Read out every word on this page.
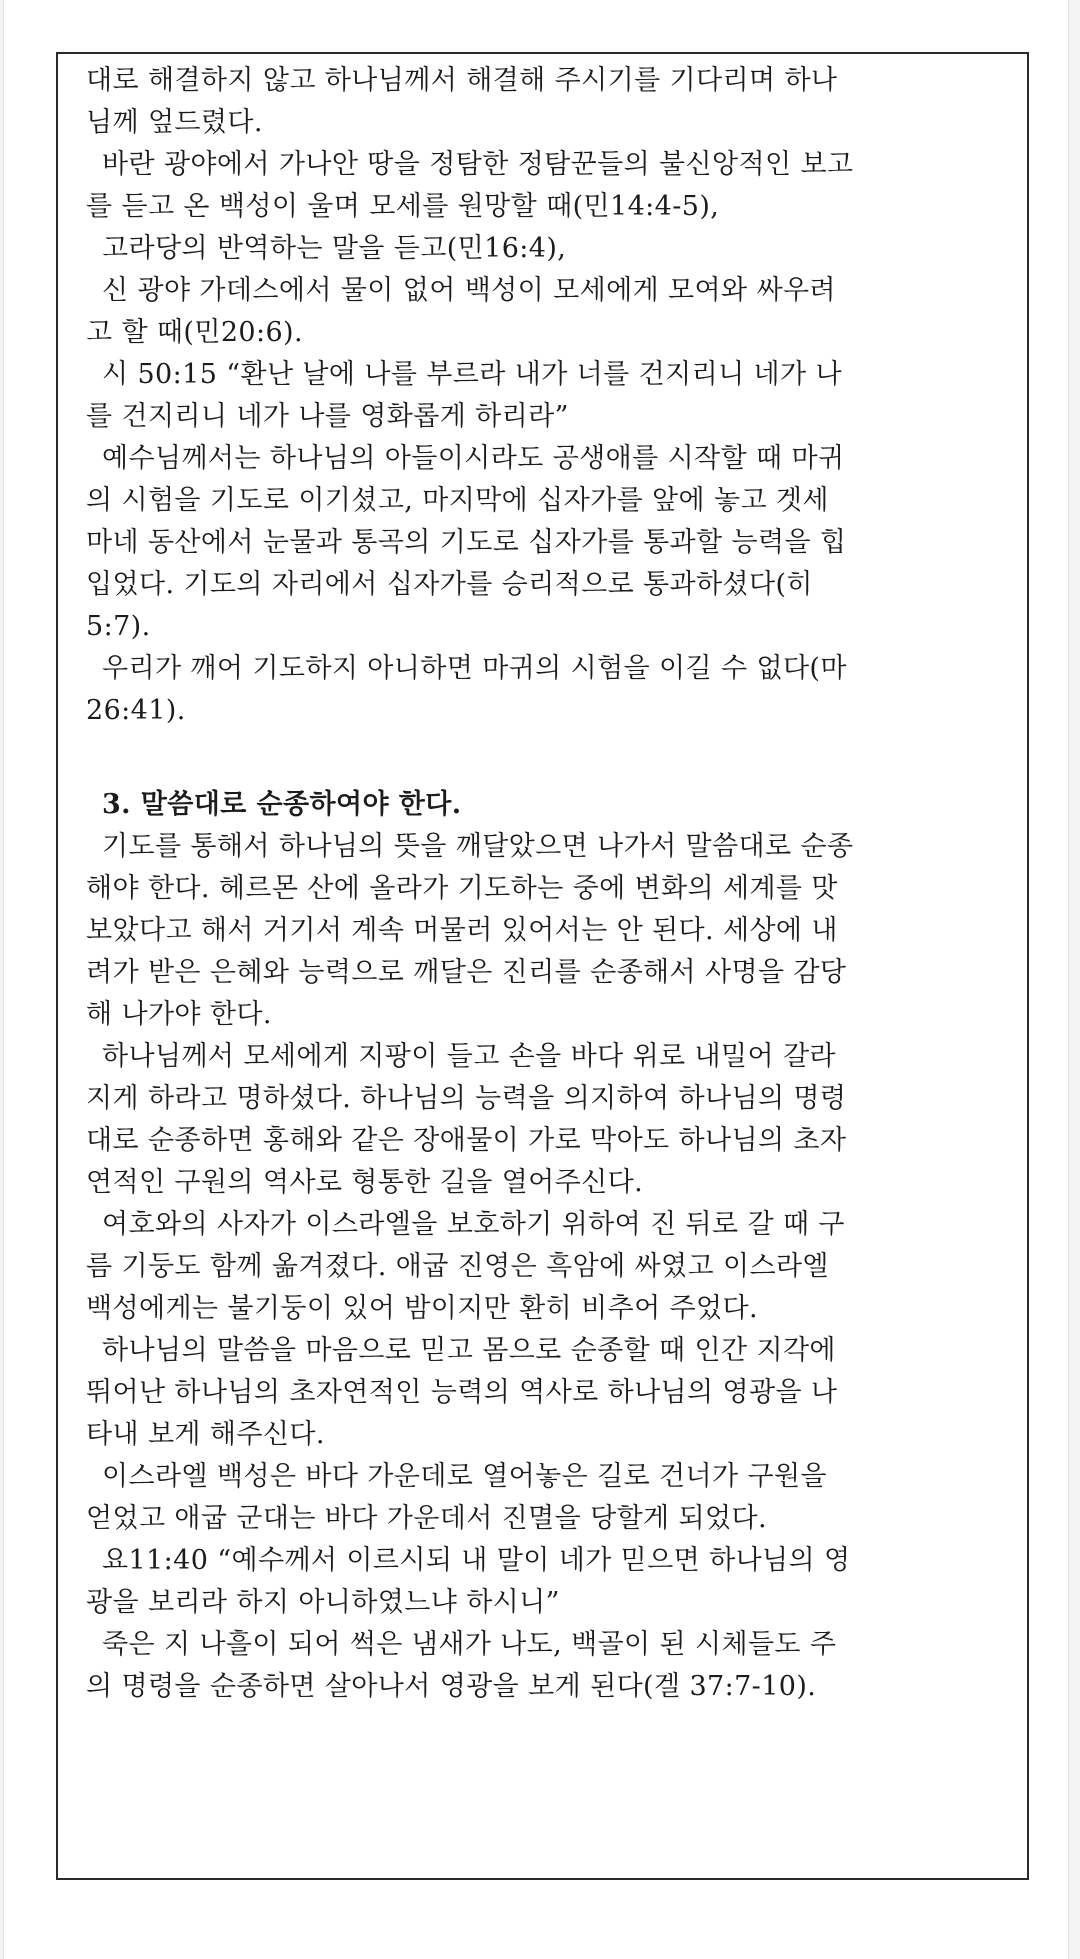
대로 해결하지 않고 하나님께서 해결해 주시기를 기다리며 하나
님께 엎드렸다.

바란 광야에서 가나안 땅을 정탐한 정탐꾼들의 불신앙적인 보고
를 듣고 온 백성이 울며 모세를 원망할 때(민14:4-5),

고라당의 반역하는 말을 듣고(민16:4),

신 광야 가데스에서 물이 없어 백성이 모세에게 모여와 싸우려
고 할 때(민20:6).

시 50:15 “환난 날에 나를 부르라 내가 너를 건지리니 네가 나
를 건지리니 네가 나를 영화롭게 하리라”

예수님께서는 하나님의 아들이시라도 공생애를 시작할 때 마귀
의 시험을 기도로 이기셨고, 마지막에 십자가를 앞에 놓고 겟세
마네 동산에서 눈물과 통곡의 기도로 십자가를 통과할 능력을 힙
입었다. 기도의 자리에서 십자가를 승리적으로 통과하셨다(히
5:7).

우리가 깨어 기도하지 아니하면 마귀의 시험을 이길 수 없다(마
26:41).

3. 말씀대로 순종하여야 한다.

기도를 통해서 하나님의 뜻을 깨달았으면 나가서 말씀대로 순종
해야 한다. 헤르몬 산에 올라가 기도하는 중에 변화의 세계를 맛
보았다고 해서 거기서 계속 머물러 있어서는 안 된다. 세상에 내
려가 받은 은혜와 능력으로 깨달은 진리를 순종해서 사명을 감당
해 나가야 한다.

하나님께서 모세에게 지팡이 들고 손을 바다 위로 내밀어 갈라
지게 하라고 명하셨다. 하나님의 능력을 의지하여 하나님의 명령
대로 순종하면 홍해와 같은 장애물이 가로 막아도 하나님의 초자
연적인 구원의 역사로 형통한 길을 열어주신다.

여호와의 사자가 이스라엘을 보호하기 위하여 진 뒤로 갈 때 구
름 기둥도 함께 옮겨졌다. 애굽 진영은 흑암에 싸였고 이스라엘
백성에게는 불기둥이 있어 밤이지만 환히 비추어 주었다.

하나님의 말씀을 마음으로 믿고 몸으로 순종할 때 인간 지각에
뛰어난 하나님의 초자연적인 능력의 역사로 하나님의 영광을 나
타내 보게 해주신다.

이스라엘 백성은 바다 가운데로 열어놓은 길로 건너가 구원을
얻었고 애굽 군대는 바다 가운데서 진멸을 당할게 되었다.

요11:40 “예수께서 이르시되 내 말이 네가 믿으면 하나님의 영
광을 보리라 하지 아니하였느냐 하시니”

죽은 지 나흘이 되어 썩은 냄새가 나도, 백골이 된 시체들도 주
의 명령을 순종하면 살아나서 영광을 보게 된다(겔 37:7-10).
